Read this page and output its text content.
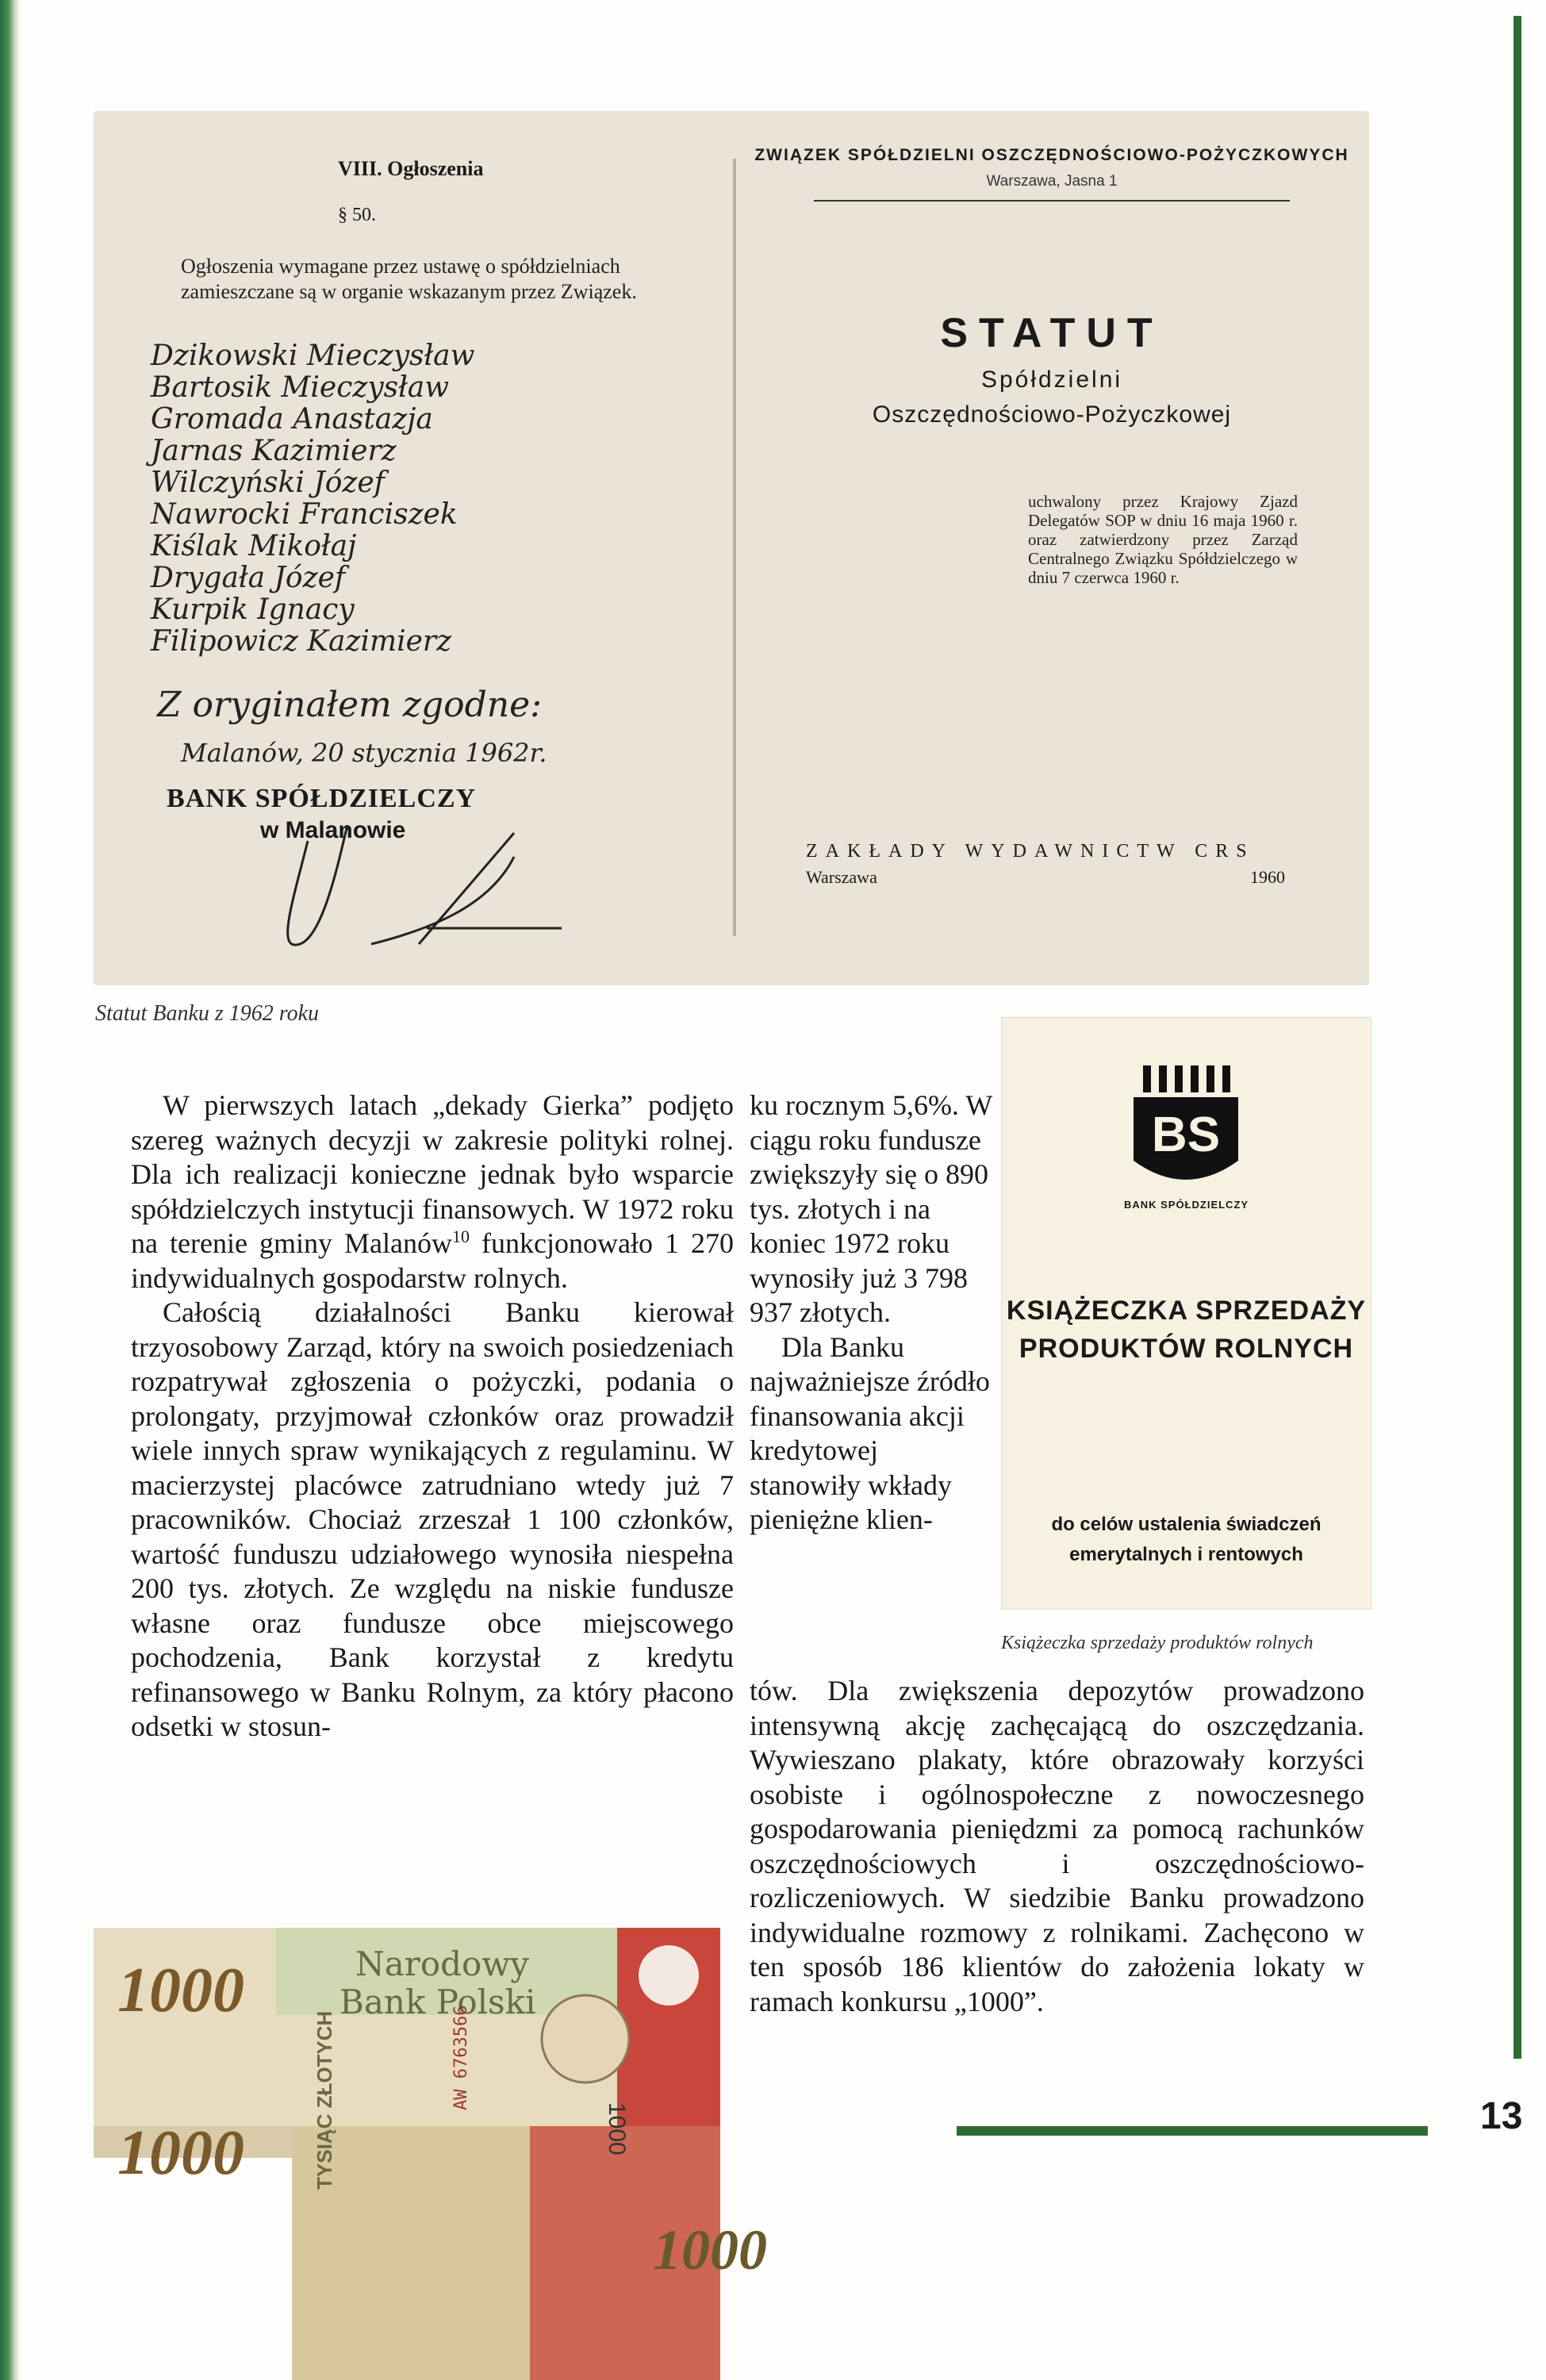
VIII. Ogłoszenia
§ 50.
Ogłoszenia wymagane przez ustawę o spółdzielniach zamieszczane są w organie wskazanym przez Związek.
Dzikowski Mieczysław
Bartosik Mieczysław
Gromada Anastazja
Jarnas Kazimierz
Wilczyński Józef
Nawrocki Franciszek
Kiślak Mikołaj
Drygała Józef
Kurpik Ignacy
Filipowicz Kazimierz
Z oryginałem zgodne:
Malanów, 20 stycznia 1962r.
BANK SPÓŁDZIELCZY
w Malanowie
ZWIĄZEK SPÓŁDZIELNI OSZCZĘDNOŚCIOWO-POŻYCZKOWYCH
Warszawa, Jasna 1
STATUT
Spółdzielni
Oszczędnościowo-Pożyczkowej
uchwalony przez Krajowy Zjazd Delegatów SOP w dniu 16 maja 1960 r. oraz zatwierdzony przez Zarząd Centralnego Związku Spółdzielczego w dniu 7 czerwca 1960 r.
ZAKŁADY WYDAWNICTW CRS
Warszawa	1960
Statut Banku z 1962 roku

W pierwszych latach „dekady Gierka” podjęto szereg ważnych decyzji w zakresie polityki rolnej. Dla ich realizacji konieczne jednak było wsparcie spółdzielczych instytucji finansowych. W 1972 roku na terenie gminy Malanów$^{10}$ funkcjonowało 1 270 indywidualnych gospodarstw rolnych.

Całością działalności Banku kierował trzyosobowy Zarząd, który na swoich posiedzeniach rozpatrywał zgłoszenia o pożyczki, podania o prolongaty, przyjmował członków oraz prowadził wiele innych spraw wynikających z regulaminu. W macierzystej placówce zatrudniano wtedy już 7 pracowników. Chociaż zrzeszał 1 100 członków, wartość funduszu udziałowego wynosiła niespełna 200 tys. złotych. Ze względu na niskie fundusze własne oraz fundusze obce miejscowego pochodzenia, Bank korzystał z kredytu refinansowego w Banku Rolnym, za który płacono odsetki w stosun-

ku rocznym 5,6%. W ciągu roku fundusze zwiększyły się o 890 tys. złotych i na koniec 1972 roku wynosiły już 3 798 937 złotych.

Dla Banku najważniejsze źródło finansowania akcji kredytowej stanowiły wkłady pieniężne klien-

tów. Dla zwiększenia depozytów prowadzono intensywną akcję zachęcającą do oszczędzania. Wywieszano plakaty, które obrazowały korzyści osobiste i ogólnospołeczne z nowoczesnego gospodarowania pieniędzmi za pomocą rachunków oszczędnościowych i oszczędnościowo-rozliczeniowych. W siedzibie Banku prowadzono indywidualne rozmowy z rolnikami. Zachęcono w ten sposób 186 klientów do założenia lokaty w ramach konkursu „1000”.

BS
BANK SPÓŁDZIELCZY
KSIĄŻECZKA SPRZEDAŻY PRODUKTÓW ROLNYCH
do celów ustalenia świadczeń
emerytalnych i rentowych
Książeczka sprzedaży produktów rolnych
1000
1000
Narodowy
Bank Polski
TYSIĄC ZŁOTYCH	AW 6763566
1000
1000
13
